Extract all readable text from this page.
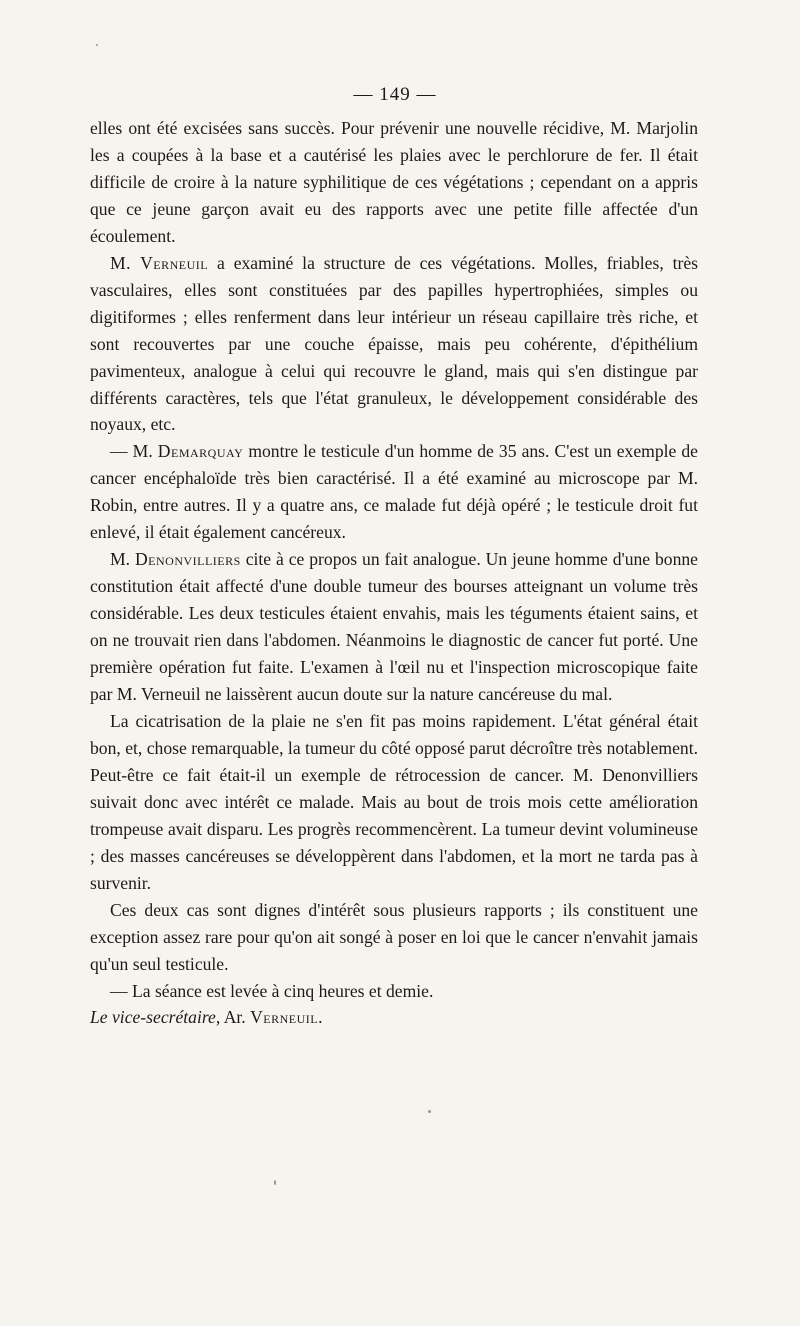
— 149 —

elles ont été excisées sans succès. Pour prévenir une nouvelle récidive, M. Marjolin les a coupées à la base et a cautérisé les plaies avec le perchlorure de fer. Il était difficile de croire à la nature syphilitique de ces végétations ; cependant on a appris que ce jeune garçon avait eu des rapports avec une petite fille affectée d'un écoulement.

M. Verneuil a examiné la structure de ces végétations. Molles, friables, très vasculaires, elles sont constituées par des papilles hypertrophiées, simples ou digitiformes ; elles renferment dans leur intérieur un réseau capillaire très riche, et sont recouvertes par une couche épaisse, mais peu cohérente, d'épithélium pavimenteux, analogue à celui qui recouvre le gland, mais qui s'en distingue par différents caractères, tels que l'état granuleux, le développement considérable des noyaux, etc.

— M. Demarquay montre le testicule d'un homme de 35 ans. C'est un exemple de cancer encéphaloïde très bien caractérisé. Il a été examiné au microscope par M. Robin, entre autres. Il y a quatre ans, ce malade fut déjà opéré ; le testicule droit fut enlevé, il était également cancéreux.

M. Denonvilliers cite à ce propos un fait analogue. Un jeune homme d'une bonne constitution était affecté d'une double tumeur des bourses atteignant un volume très considérable. Les deux testicules étaient envahis, mais les téguments étaient sains, et on ne trouvait rien dans l'abdomen. Néanmoins le diagnostic de cancer fut porté. Une première opération fut faite. L'examen à l'œil nu et l'inspection microscopique faite par M. Verneuil ne laissèrent aucun doute sur la nature cancéreuse du mal.

La cicatrisation de la plaie ne s'en fit pas moins rapidement. L'état général était bon, et, chose remarquable, la tumeur du côté opposé parut décroître très notablement. Peut-être ce fait était-il un exemple de rétrocession de cancer. M. Denonvilliers suivait donc avec intérêt ce malade. Mais au bout de trois mois cette amélioration trompeuse avait disparu. Les progrès recommencèrent. La tumeur devint volumineuse ; des masses cancéreuses se développèrent dans l'abdomen, et la mort ne tarda pas à survenir.

Ces deux cas sont dignes d'intérêt sous plusieurs rapports ; ils constituent une exception assez rare pour qu'on ait songé à poser en loi que le cancer n'envahit jamais qu'un seul testicule.

— La séance est levée à cinq heures et demie.

Le vice-secrétaire, Ar. Verneuil.
